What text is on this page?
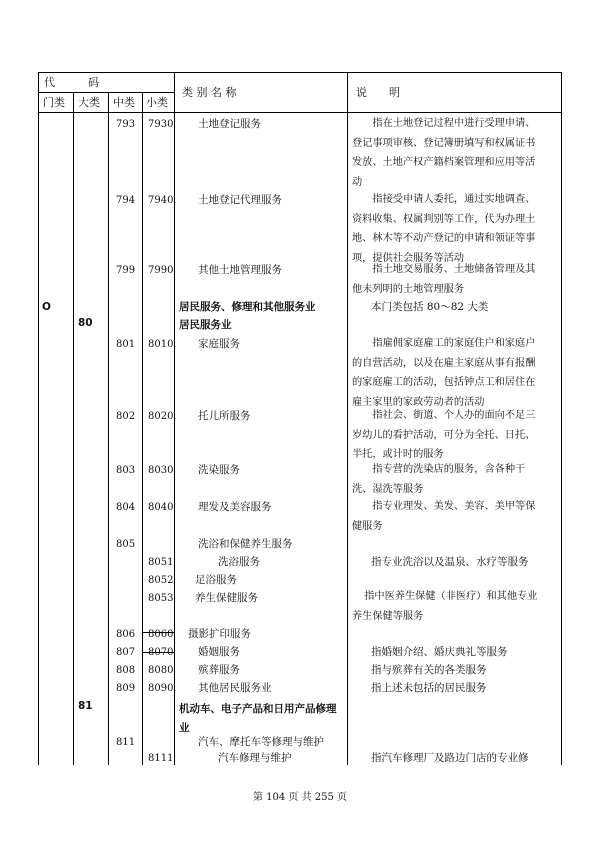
代　　　码
门类 大类 中类 小类
类 别 名 称	说　　明
793 7930 土地登记服务	指在土地登记过程中进行受理申请、登记事项审核、登记簿册填写和权属证书发放、土地产权产籍档案管理和应用等活动
794 7940 土地登记代理服务	指接受申请人委托，通过实地调查、资料收集、权属判别等工作，代为办理土地、林木等不动产登记的申请和领证等事项，提供社会服务等活动
799 7990 其他土地管理服务	指土地交易服务、土地储备管理及其他未列明的土地管理服务
O	居民服务、修理和其他服务业	本门类包括 80～82 大类
80	居民服务业
801 8010 家庭服务	指雇佣家庭雇工的家庭住户和家庭户的自营活动，以及在雇主家庭从事有报酬的家庭雇工的活动，包括钟点工和居住在雇主家里的家政劳动者的活动
802 8020 托儿所服务	指社会、街道、个人办的面向不足三岁幼儿的看护活动，可分为全托、日托、半托，或计时的服务
803 8030 洗染服务	指专营的洗染店的服务，含各种干洗、湿洗等服务
804 8040 理发及美容服务	指专业理发、美发、美容、美甲等保健服务
805	洗浴和保健养生服务
8051	洗浴服务	指专业洗浴以及温泉、水疗等服务
8052 足浴服务
8053 养生保健服务	指中医养生保健（非医疗）和其他专业养生保健等服务
806 8060 摄影扩印服务
807 8070 婚姻服务	指婚姻介绍、婚庆典礼等服务
808 8080 殡葬服务	指与殡葬有关的各类服务
809 8090 其他居民服务业	指上述未包括的居民服务
81	机动车、电子产品和日用产品修理业
811	汽车、摩托车等修理与维护
8111	汽车修理与维护	指汽车修理厂及路边门店的专业修
第 104 页 共 255 页
